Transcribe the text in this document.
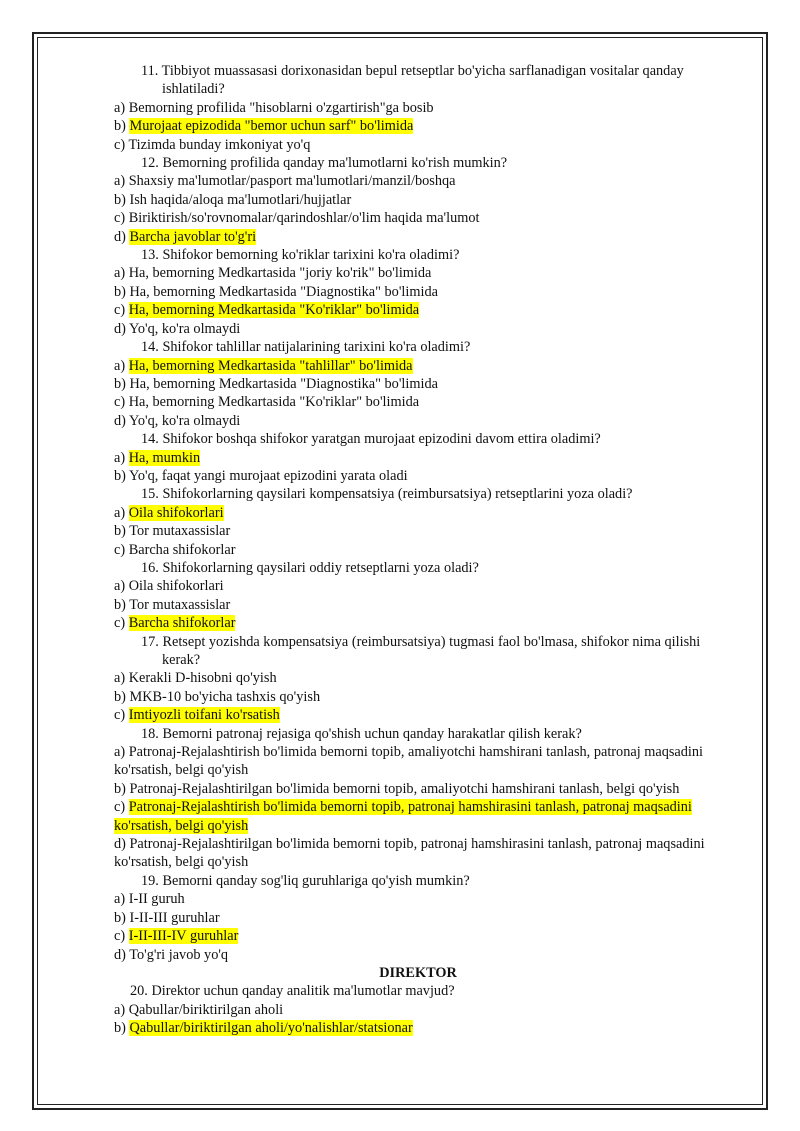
11. Tibbiyot muassasasi dorixonasidan bepul retseptlar bo'yicha sarflanadigan vositalar qanday ishlatiladi?
a) Bemorning profilida "hisoblarni o'zgartirish"ga bosib
b) Murojaat epizodida "bemor uchun sarf" bo'limida
c) Tizimda bunday imkoniyat yo'q
12. Bemorning profilida qanday ma'lumotlarni ko'rish mumkin?
a) Shaxsiy ma'lumotlar/pasport ma'lumotlari/manzil/boshqa
b) Ish haqida/aloqa ma'lumotlari/hujjatlar
c) Biriktirish/so'rovnomalar/qarindoshlar/o'lim haqida ma'lumot
d) Barcha javoblar to'g'ri
13. Shifokor bemorning ko'riklar tarixini ko'ra oladimi?
a) Ha, bemorning Medkartasida "joriy ko'rik" bo'limida
b) Ha, bemorning Medkartasida "Diagnostika" bo'limida
c) Ha, bemorning Medkartasida "Ko'riklar" bo'limida
d) Yo'q, ko'ra olmaydi
14. Shifokor tahlillar natijalarining tarixini ko'ra oladimi?
a) Ha, bemorning Medkartasida "tahlillar" bo'limida
b) Ha, bemorning Medkartasida "Diagnostika" bo'limida
c) Ha, bemorning Medkartasida "Ko'riklar" bo'limida
d) Yo'q, ko'ra olmaydi
14. Shifokor boshqa shifokor yaratgan murojaat epizodini davom ettira oladimi?
a) Ha, mumkin
b) Yo'q, faqat yangi murojaat epizodini yarata oladi
15. Shifokorlarning qaysilari kompensatsiya (reimbursatsiya) retseptlarini yoza oladi?
a) Oila shifokorlari
b) Tor mutaxassislar
c) Barcha shifokorlar
16. Shifokorlarning qaysilari oddiy retseptlarni yoza oladi?
a) Oila shifokorlari
b) Tor mutaxassislar
c) Barcha shifokorlar
17. Retsept yozishda kompensatsiya (reimbursatsiya) tugmasi faol bo'lmasa, shifokor nima qilishi kerak?
a) Kerakli D-hisobni qo'yish
b) MKB-10 bo'yicha tashxis qo'yish
c) Imtiyozli toifani ko'rsatish
18. Bemorni patronaj rejasiga qo'shish uchun qanday harakatlar qilish kerak?
a) Patronaj-Rejalashtirish bo'limida bemorni topib, amaliyotchi hamshirani tanlash, patronaj maqsadini ko'rsatish, belgi qo'yish
b) Patronaj-Rejalashtirilgan bo'limida bemorni topib, amaliyotchi hamshirani tanlash, belgi qo'yish
c) Patronaj-Rejalashtirish bo'limida bemorni topib, patronaj hamshirasini tanlash, patronaj maqsadini ko'rsatish, belgi qo'yish
d) Patronaj-Rejalashtirilgan bo'limida bemorni topib, patronaj hamshirasini tanlash, patronaj maqsadini ko'rsatish, belgi qo'yish
19. Bemorni qanday sog'liq guruhlariga qo'yish mumkin?
a) I-II guruh
b) I-II-III guruhlar
c) I-II-III-IV guruhlar
d) To'g'ri javob yo'q
DIREKTOR
20. Direktor uchun qanday analitik ma'lumotlar mavjud?
a) Qabullar/biriktirilgan aholi
b) Qabullar/biriktirilgan aholi/yo'nalishlar/statsionar
